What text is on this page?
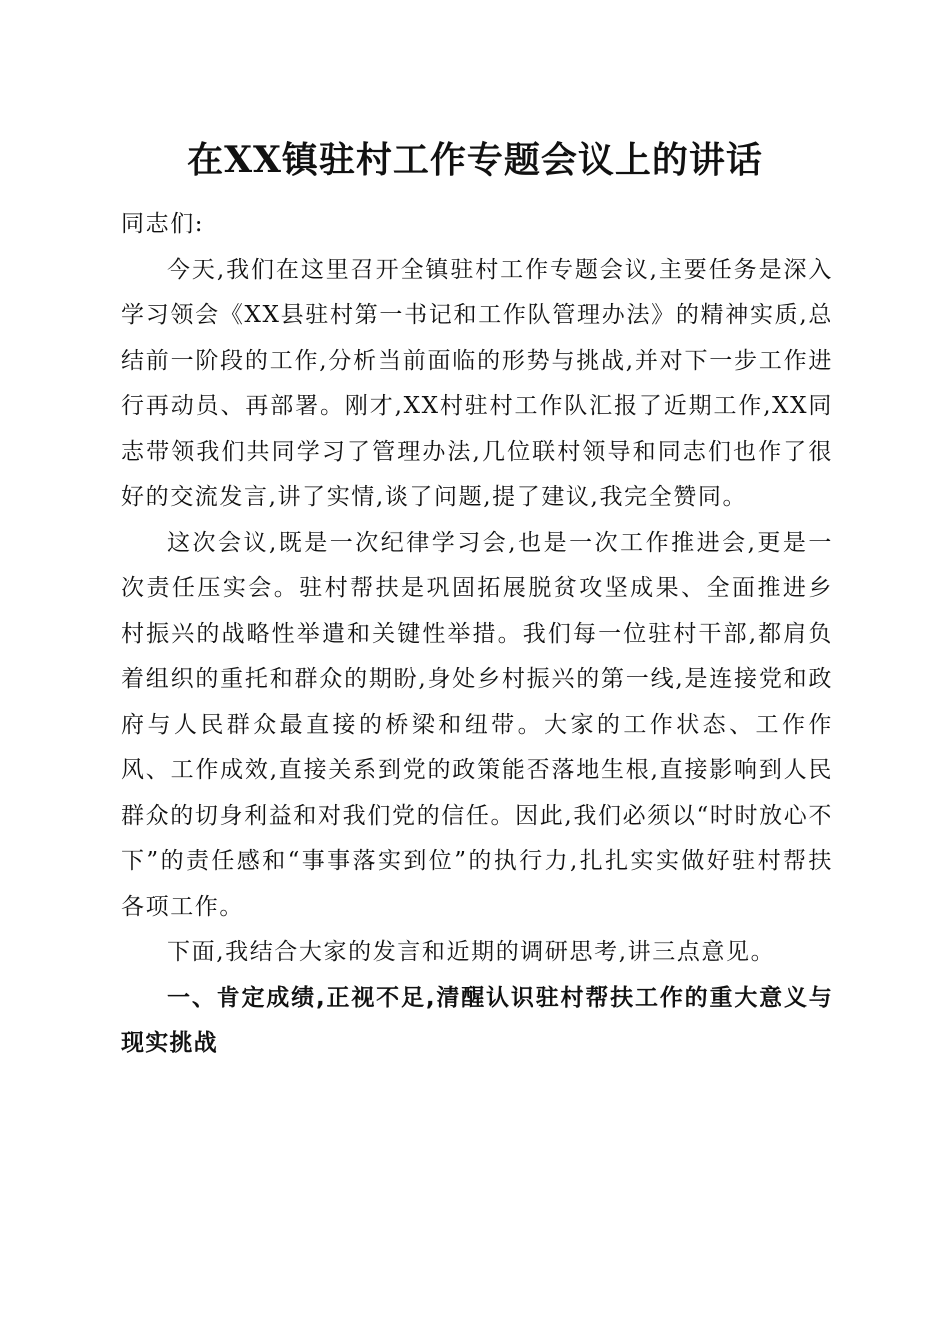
在XX镇驻村工作专题会议上的讲话

同志们:

今天,我们在这里召开全镇驻村工作专题会议,主要任务是深入学习领会《XX县驻村第一书记和工作队管理办法》的精神实质,总结前一阶段的工作,分析当前面临的形势与挑战,并对下一步工作进行再动员、再部署。刚才,XX村驻村工作队汇报了近期工作,XX同志带领我们共同学习了管理办法,几位联村领导和同志们也作了很好的交流发言,讲了实情,谈了问题,提了建议,我完全赞同。

这次会议,既是一次纪律学习会,也是一次工作推进会,更是一次责任压实会。驻村帮扶是巩固拓展脱贫攻坚成果、全面推进乡村振兴的战略性举遣和关键性举措。我们每一位驻村干部,都肩负着组织的重托和群众的期盼,身处乡村振兴的第一线,是连接党和政府与人民群众最直接的桥梁和纽带。大家的工作状态、工作作风、工作成效,直接关系到党的政策能否落地生根,直接影响到人民群众的切身利益和对我们党的信任。因此,我们必须以“时时放心不下”的责任感和“事事落实到位”的执行力,扎扎实实做好驻村帮扶各项工作。

下面,我结合大家的发言和近期的调研思考,讲三点意见。

一、肯定成绩,正视不足,清醒认识驻村帮扶工作的重大意义与现实挑战
